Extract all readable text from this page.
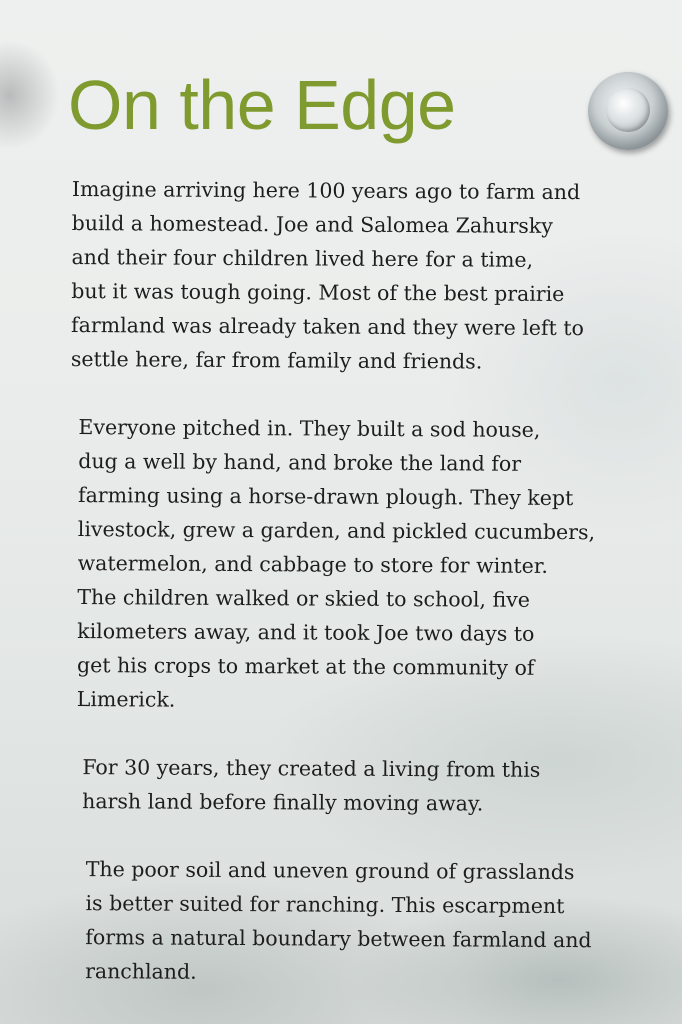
On the Edge

Imagine arriving here 100 years ago to farm and
build a homestead. Joe and Salomea Zahursky
and their four children lived here for a time,
but it was tough going. Most of the best prairie
farmland was already taken and they were left to
settle here, far from family and friends.

Everyone pitched in. They built a sod house,
dug a well by hand, and broke the land for
farming using a horse-drawn plough. They kept
livestock, grew a garden, and pickled cucumbers,
watermelon, and cabbage to store for winter.
The children walked or skied to school, five
kilometers away, and it took Joe two days to
get his crops to market at the community of
Limerick.

For 30 years, they created a living from this
harsh land before finally moving away.

The poor soil and uneven ground of grasslands
is better suited for ranching. This escarpment
forms a natural boundary between farmland and
ranchland.
